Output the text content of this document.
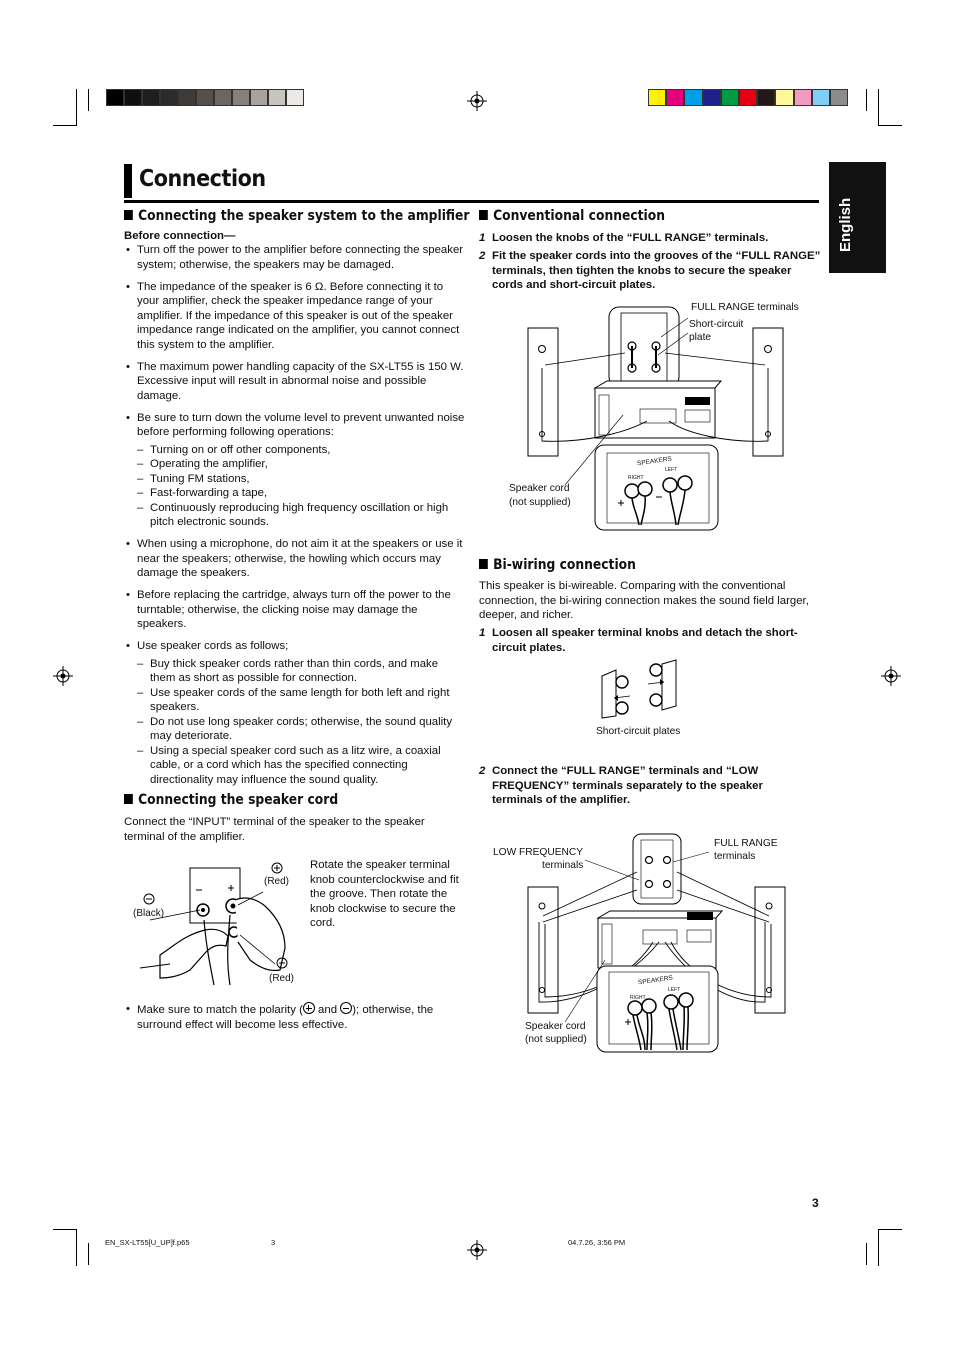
Connection
English
Connecting the speaker system to the amplifier
Before connection—
• Turn off the power to the amplifier before connecting the speaker system; otherwise, the speakers may be damaged.
• The impedance of the speaker is 6 Ω. Before connecting it to your amplifier, check the speaker impedance range of your amplifier. If the impedance of this speaker is out of the speaker impedance range indicated on the amplifier, you cannot connect this system to the amplifier.
• The maximum power handling capacity of the SX-LT55 is 150 W. Excessive input will result in abnormal noise and possible damage.
• Be sure to turn down the volume level to prevent unwanted noise before performing following operations:
– Turning on or off other components,
– Operating the amplifier,
– Tuning FM stations,
– Fast-forwarding a tape,
– Continuously reproducing high frequency oscillation or high pitch electronic sounds.
• When using a microphone, do not aim it at the speakers or use it near the speakers; otherwise, the howling which occurs may damage the speakers.
• Before replacing the cartridge, always turn off the power to the turntable; otherwise, the clicking noise may damage the speakers.
• Use speaker cords as follows;
– Buy thick speaker cords rather than thin cords, and make them as short as possible for connection.
– Use speaker cords of the same length for both left and right speakers.
– Do not use long speaker cords; otherwise, the sound quality may deteriorate.
– Using a special speaker cord such as a litz wire, a coaxial cable, or a cord which has the specified connecting directionality may influence the sound quality.
Connecting the speaker cord
Connect the “INPUT” terminal of the speaker to the speaker terminal of the amplifier.
(Red)
(Black)
(Red)
Rotate the speaker terminal knob counterclockwise and fit the groove. Then rotate the knob clockwise to secure the cord.
• Make sure to match the polarity (
and
); otherwise, the surround effect will become less effective.
Conventional connection
1 Loosen the knobs of the “FULL RANGE” terminals.
2 Fit the speaker cords into the grooves of the “FULL RANGE” terminals, then tighten the knobs to secure the speaker cords and short-circuit plates.
FULL RANGE terminals
Short-circuit plate
SPEAKERS
RIGHT
LEFT
Speaker cord
(not supplied)
Bi-wiring connection
This speaker is bi-wireable. Comparing with the conventional connection, the bi-wiring connection makes the sound field larger, deeper, and richer.
1 Loosen all speaker terminal knobs and detach the short-circuit plates.
Short-circuit plates
2 Connect the “FULL RANGE” terminals and “LOW FREQUENCY” terminals separately to the speaker terminals of the amplifier.
LOW FREQUENCY
terminals
FULL RANGE
terminals
SPEAKERS
RIGHT
LEFT
Speaker cord
(not supplied)
3
EN_SX-LT55[U_UP]f.p65	3	04.7.26, 3:56 PM
